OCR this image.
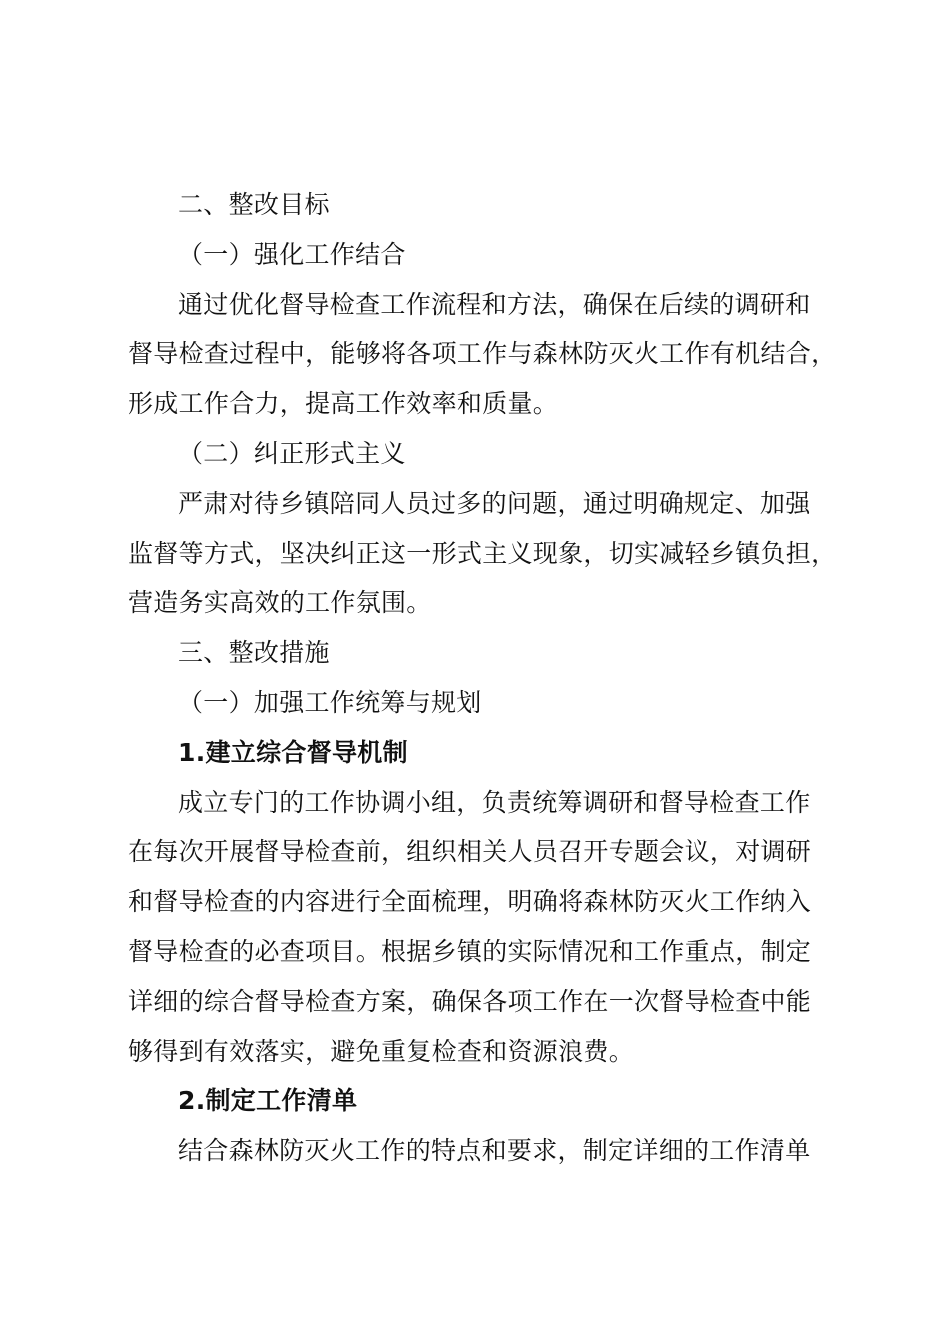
二、整改目标
（一）强化工作结合
通过优化督导检查工作流程和方法，确保在后续的调研和
督导检查过程中，能够将各项工作与森林防灭火工作有机结合，
形成工作合力，提高工作效率和质量。
（二）纠正形式主义
严肃对待乡镇陪同人员过多的问题，通过明确规定、加强
监督等方式，坚决纠正这一形式主义现象，切实减轻乡镇负担，
营造务实高效的工作氛围。
三、整改措施
（一）加强工作统筹与规划
1.建立综合督导机制
成立专门的工作协调小组，负责统筹调研和督导检查工作
在每次开展督导检查前，组织相关人员召开专题会议，对调研
和督导检查的内容进行全面梳理，明确将森林防灭火工作纳入
督导检查的必查项目。根据乡镇的实际情况和工作重点，制定
详细的综合督导检查方案，确保各项工作在一次督导检查中能
够得到有效落实，避免重复检查和资源浪费。
2.制定工作清单
结合森林防灭火工作的特点和要求，制定详细的工作清单
